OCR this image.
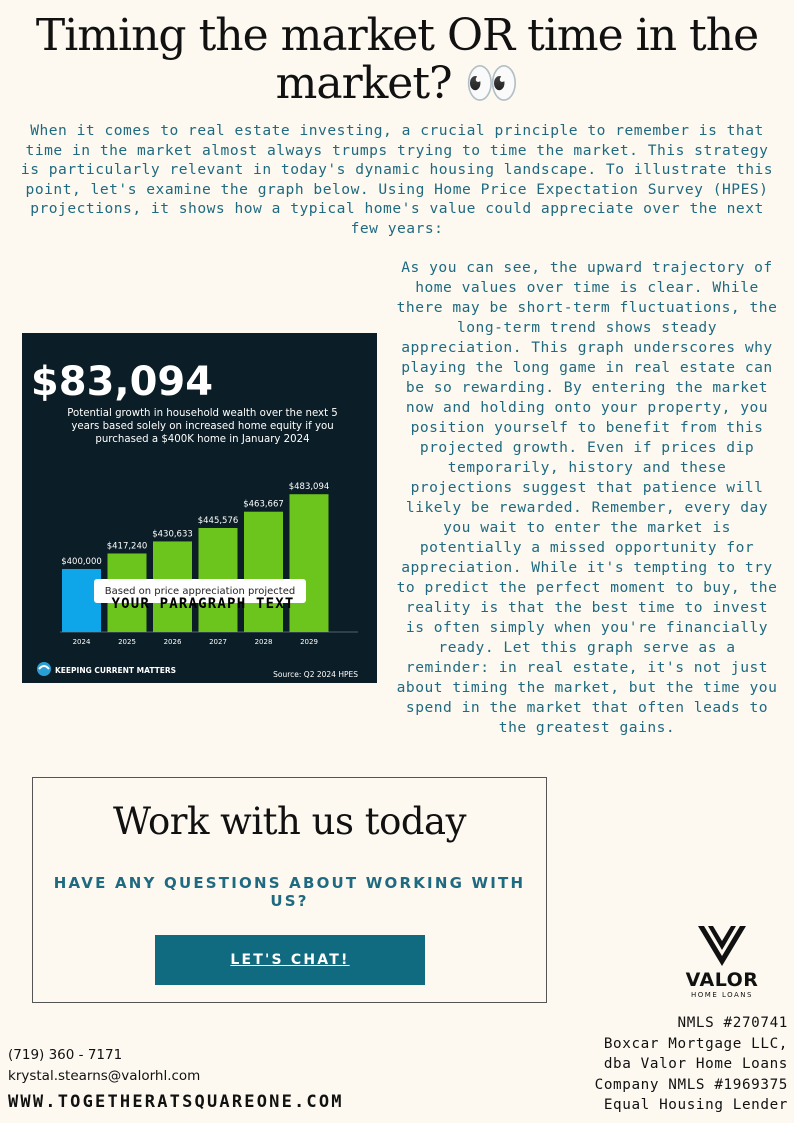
Timing the market OR time in the market? 👀
When it comes to real estate investing, a crucial principle to remember is that time in the market almost always trumps trying to time the market. This strategy is particularly relevant in today's dynamic housing landscape. To illustrate this point, let's examine the graph below. Using Home Price Expectation Survey (HPES) projections, it shows how a typical home's value could appreciate over the next few years:
$83,094
Potential growth in household wealth over the next 5 years based solely on increased home equity if you purchased a $400K home in January 2024
$400,000
2024
$417,240
2025
$430,633
2026
$445,576
2027
$463,667
2028
$483,094
2029
Based on price appreciation projected
KEEPING CURRENT MATTERS	Source: Q2 2024 HPES
YOUR PARAGRAPH TEXT
As you can see, the upward trajectory of home values over time is clear. While there may be short-term fluctuations, the long-term trend shows steady appreciation. This graph underscores why playing the long game in real estate can be so rewarding. By entering the market now and holding onto your property, you position yourself to benefit from this projected growth. Even if prices dip temporarily, history and these projections suggest that patience will likely be rewarded. Remember, every day you wait to enter the market is potentially a missed opportunity for appreciation. While it's tempting to try to predict the perfect moment to buy, the reality is that the best time to invest is often simply when you're financially ready. Let this graph serve as a reminder: in real estate, it's not just about timing the market, but the time you spend in the market that often leads to the greatest gains.
Work with us today
HAVE ANY QUESTIONS ABOUT WORKING WITH US?
LET'S CHAT!
VALOR
HOME LOANS
NMLS #270741
Boxcar Mortgage LLC,
dba Valor Home Loans
Company NMLS #1969375
Equal Housing Lender
(719) 360 - 7171
krystal.stearns@valorhl.com
WWW.TOGETHERATSQUAREONE.COM
